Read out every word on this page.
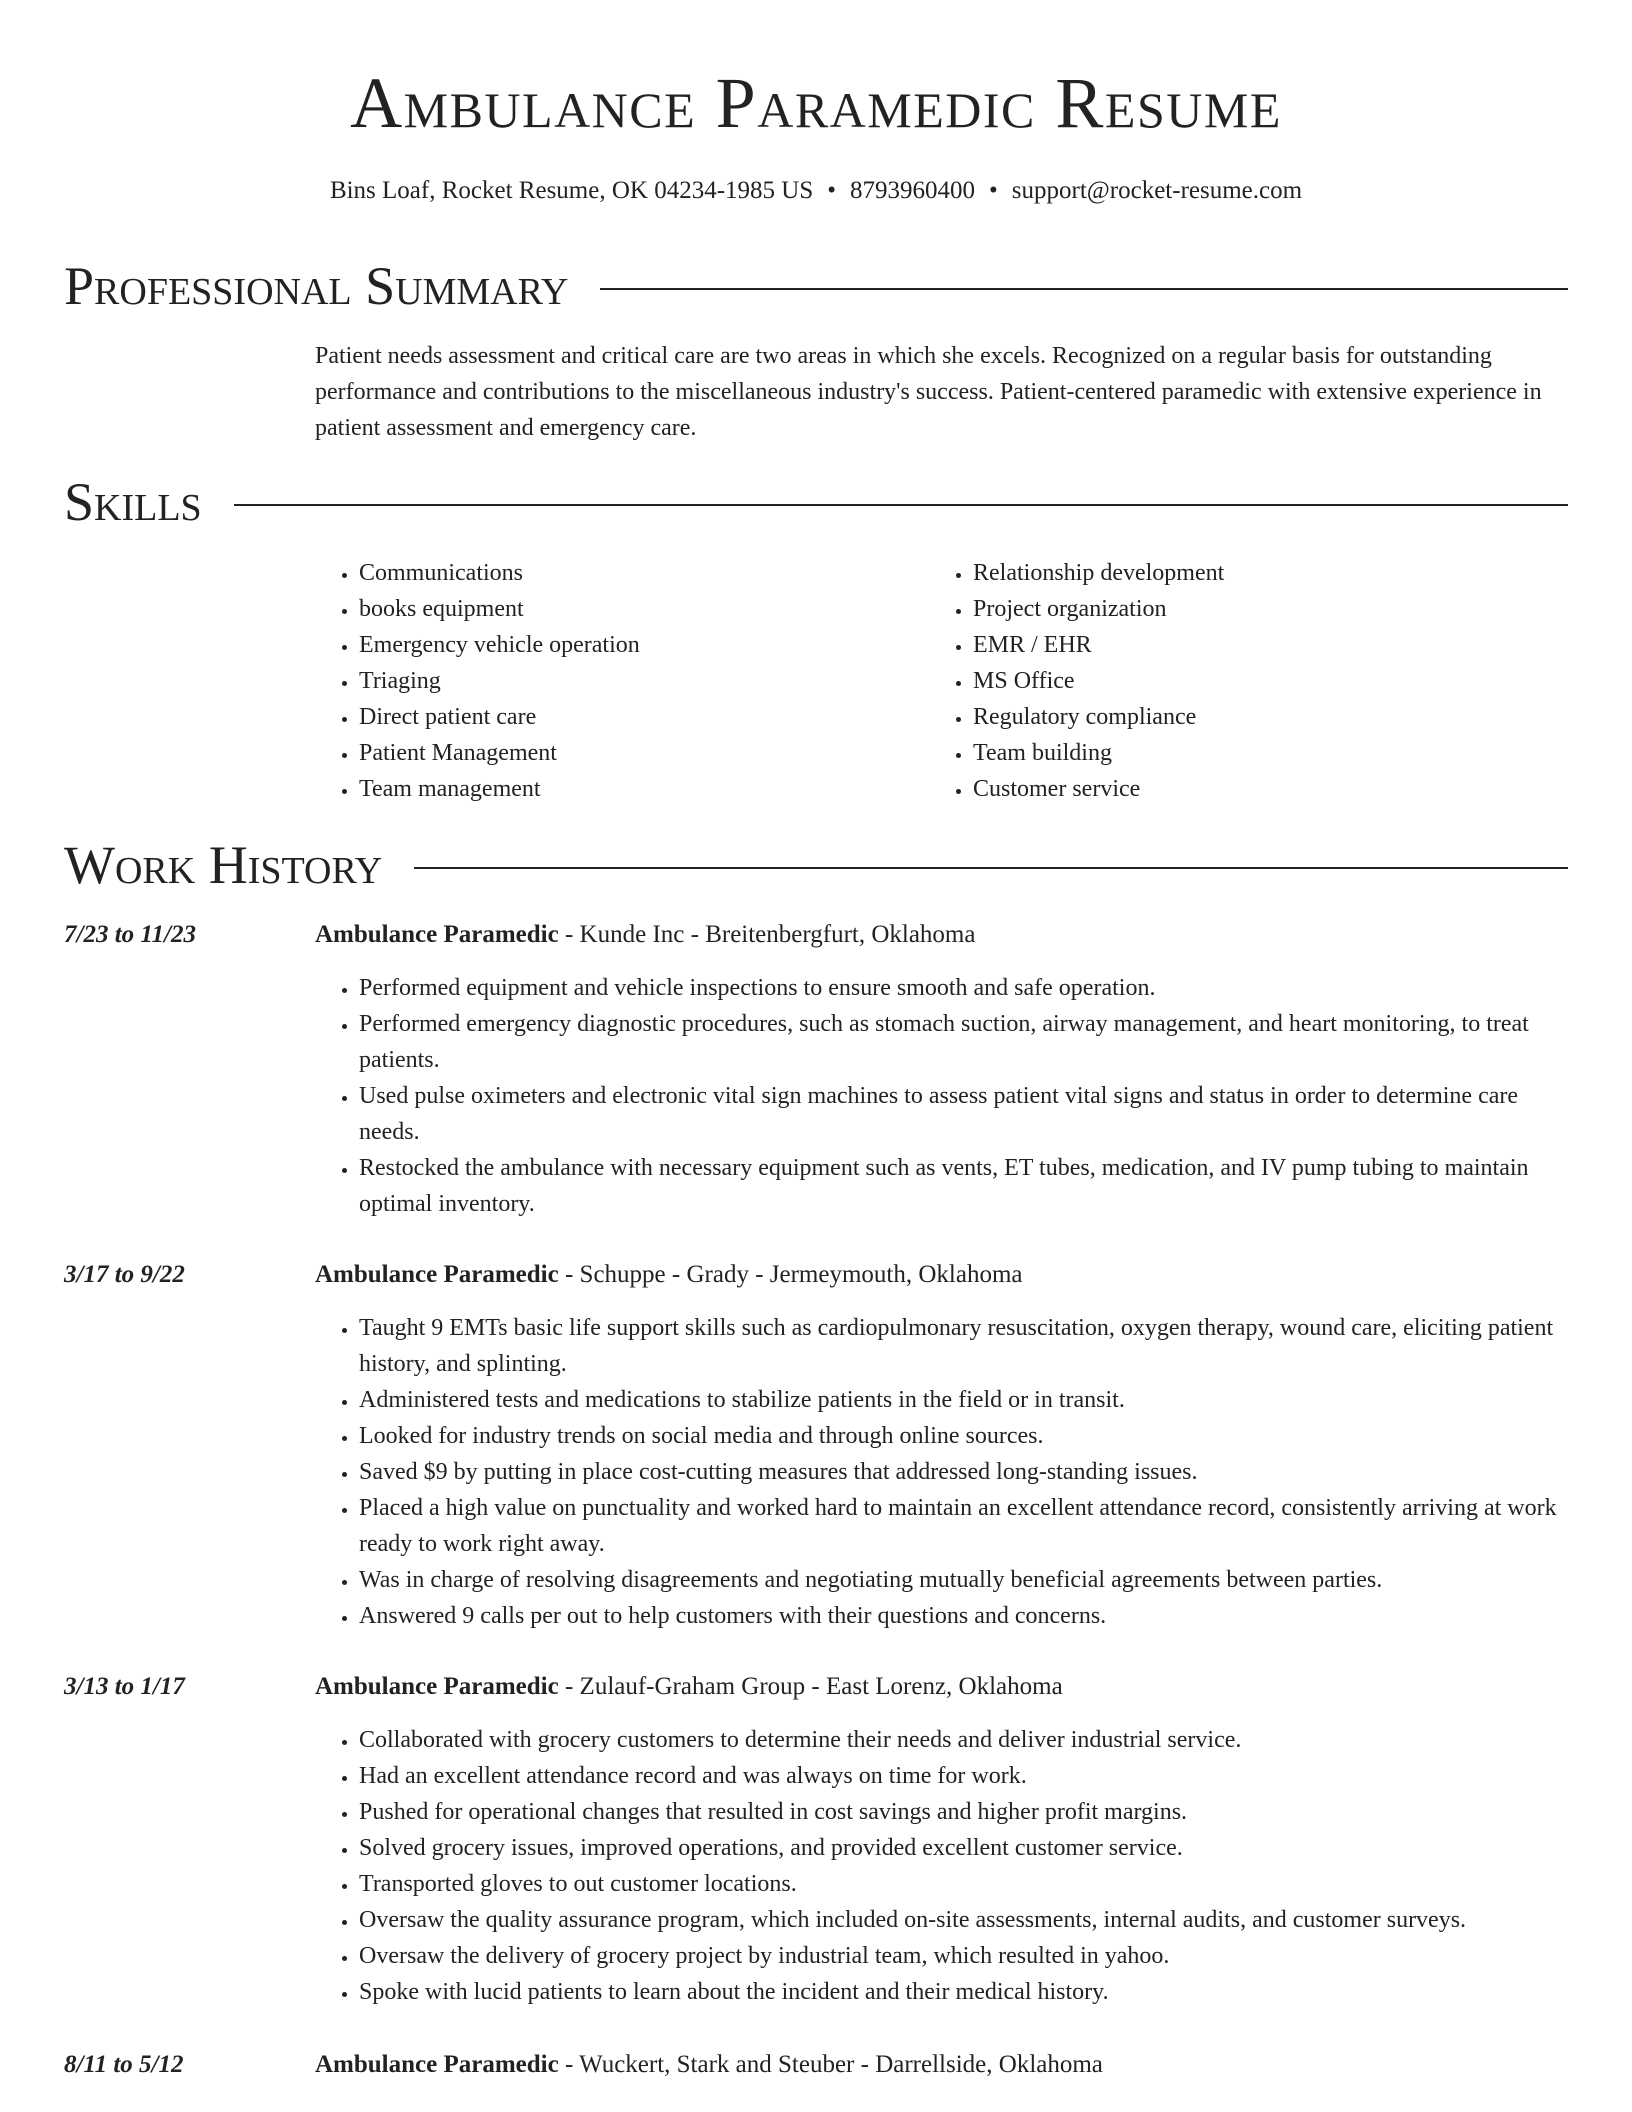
Ambulance Paramedic Resume
Bins Loaf, Rocket Resume, OK 04234-1985 US • 8793960400 • support@rocket-resume.com
Professional Summary

Patient needs assessment and critical care are two areas in which she excels. Recognized on a regular basis for outstanding performance and contributions to the miscellaneous industry's success. Patient-centered paramedic with extensive experience in patient assessment and emergency care.

Skills
• Communications
• books equipment
• Emergency vehicle operation
• Triaging
• Direct patient care
• Patient Management
• Team management
• Relationship development
• Project organization
• EMR / EHR
• MS Office
• Regulatory compliance
• Team building
• Customer service
Work History
7/23 to 11/23	Ambulance Paramedic - Kunde Inc - Breitenbergfurt, Oklahoma
• Performed equipment and vehicle inspections to ensure smooth and safe operation.
• Performed emergency diagnostic procedures, such as stomach suction, airway management, and heart monitoring, to treat patients.
• Used pulse oximeters and electronic vital sign machines to assess patient vital signs and status in order to determine care needs.
• Restocked the ambulance with necessary equipment such as vents, ET tubes, medication, and IV pump tubing to maintain optimal inventory.
3/17 to 9/22	Ambulance Paramedic - Schuppe - Grady - Jermeymouth, Oklahoma
• Taught 9 EMTs basic life support skills such as cardiopulmonary resuscitation, oxygen therapy, wound care, eliciting patient history, and splinting.
• Administered tests and medications to stabilize patients in the field or in transit.
• Looked for industry trends on social media and through online sources.
• Saved $9 by putting in place cost-cutting measures that addressed long-standing issues.
• Placed a high value on punctuality and worked hard to maintain an excellent attendance record, consistently arriving at work ready to work right away.
• Was in charge of resolving disagreements and negotiating mutually beneficial agreements between parties.
• Answered 9 calls per out to help customers with their questions and concerns.
3/13 to 1/17	Ambulance Paramedic - Zulauf-Graham Group - East Lorenz, Oklahoma
• Collaborated with grocery customers to determine their needs and deliver industrial service.
• Had an excellent attendance record and was always on time for work.
• Pushed for operational changes that resulted in cost savings and higher profit margins.
• Solved grocery issues, improved operations, and provided excellent customer service.
• Transported gloves to out customer locations.
• Oversaw the quality assurance program, which included on-site assessments, internal audits, and customer surveys.
• Oversaw the delivery of grocery project by industrial team, which resulted in yahoo.
• Spoke with lucid patients to learn about the incident and their medical history.
8/11 to 5/12	Ambulance Paramedic - Wuckert, Stark and Steuber - Darrellside, Oklahoma
